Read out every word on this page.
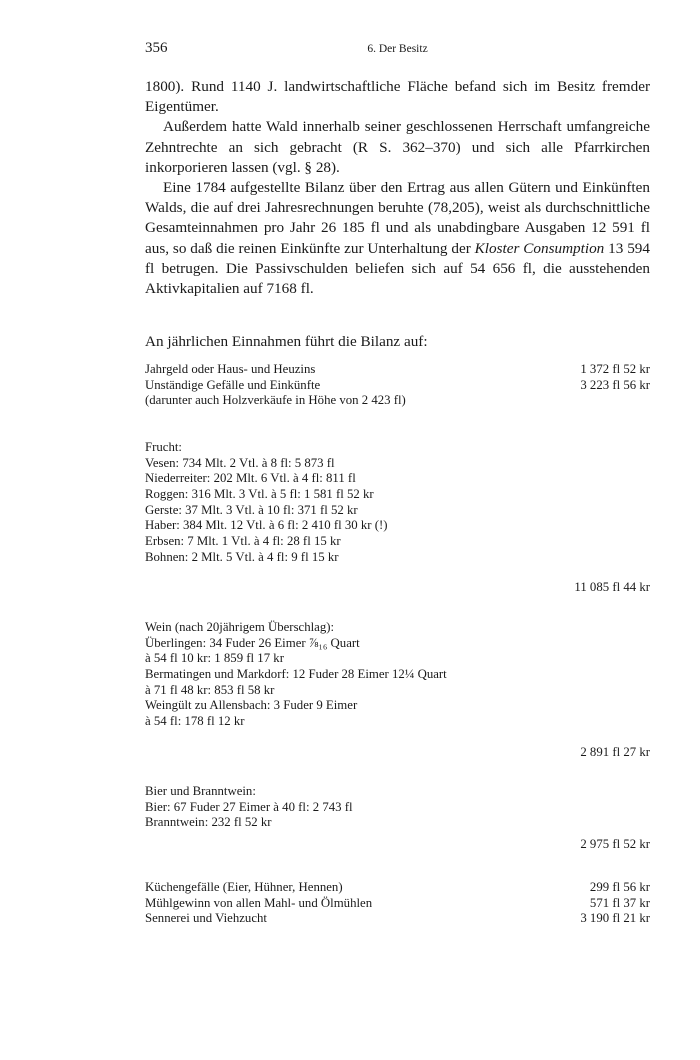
356	6. Der Besitz

1800). Rund 1140 J. landwirtschaftliche Fläche befand sich im Besitz fremder Eigentümer.

Außerdem hatte Wald innerhalb seiner geschlossenen Herrschaft umfangreiche Zehntrechte an sich gebracht (R S. 362–370) und sich alle Pfarrkirchen inkorporieren lassen (vgl. § 28).

Eine 1784 aufgestellte Bilanz über den Ertrag aus allen Gütern und Einkünften Walds, die auf drei Jahresrechnungen beruhte (78,205), weist als durchschnittliche Gesamteinnahmen pro Jahr 26 185 fl und als unabdingbare Ausgaben 12 591 fl aus, so daß die reinen Einkünfte zur Unterhaltung der Kloster Consumption 13 594 fl betrugen. Die Passivschulden beliefen sich auf 54 656 fl, die ausstehenden Aktivkapitalien auf 7168 fl.

An jährlichen Einnahmen führt die Bilanz auf:
Jahrgeld oder Haus- und Heuzins	1 372 fl 52 kr
Unständige Gefälle und Einkünfte	3 223 fl 56 kr
(darunter auch Holzverkäufe in Höhe von 2 423 fl)
Frucht:
Vesen: 734 Mlt. 2 Vtl. à 8 fl: 5 873 fl
Niederreiter: 202 Mlt. 6 Vtl. à 4 fl: 811 fl
Roggen: 316 Mlt. 3 Vtl. à 5 fl: 1 581 fl 52 kr
Gerste: 37 Mlt. 3 Vtl. à 10 fl: 371 fl 52 kr
Haber: 384 Mlt. 12 Vtl. à 6 fl: 2 410 fl 30 kr (!)
Erbsen: 7 Mlt. 1 Vtl. à 4 fl: 28 fl 15 kr
Bohnen: 2 Mlt. 5 Vtl. à 4 fl: 9 fl 15 kr
11 085 fl 44 kr
Wein (nach 20jährigem Überschlag):
Überlingen: 34 Fuder 26 Eimer ⅞₁₆ Quart
à 54 fl 10 kr: 1 859 fl 17 kr
Bermatingen und Markdorf: 12 Fuder 28 Eimer 12¼ Quart
à 71 fl 48 kr: 853 fl 58 kr
Weingült zu Allensbach: 3 Fuder 9 Eimer
à 54 fl: 178 fl 12 kr
2 891 fl 27 kr
Bier und Branntwein:
Bier: 67 Fuder 27 Eimer à 40 fl: 2 743 fl
Branntwein: 232 fl 52 kr
2 975 fl 52 kr
Küchengefälle (Eier, Hühner, Hennen)	299 fl 56 kr
Mühlgewinn von allen Mahl- und Ölmühlen	571 fl 37 kr
Sennerei und Viehzucht	3 190 fl 21 kr
